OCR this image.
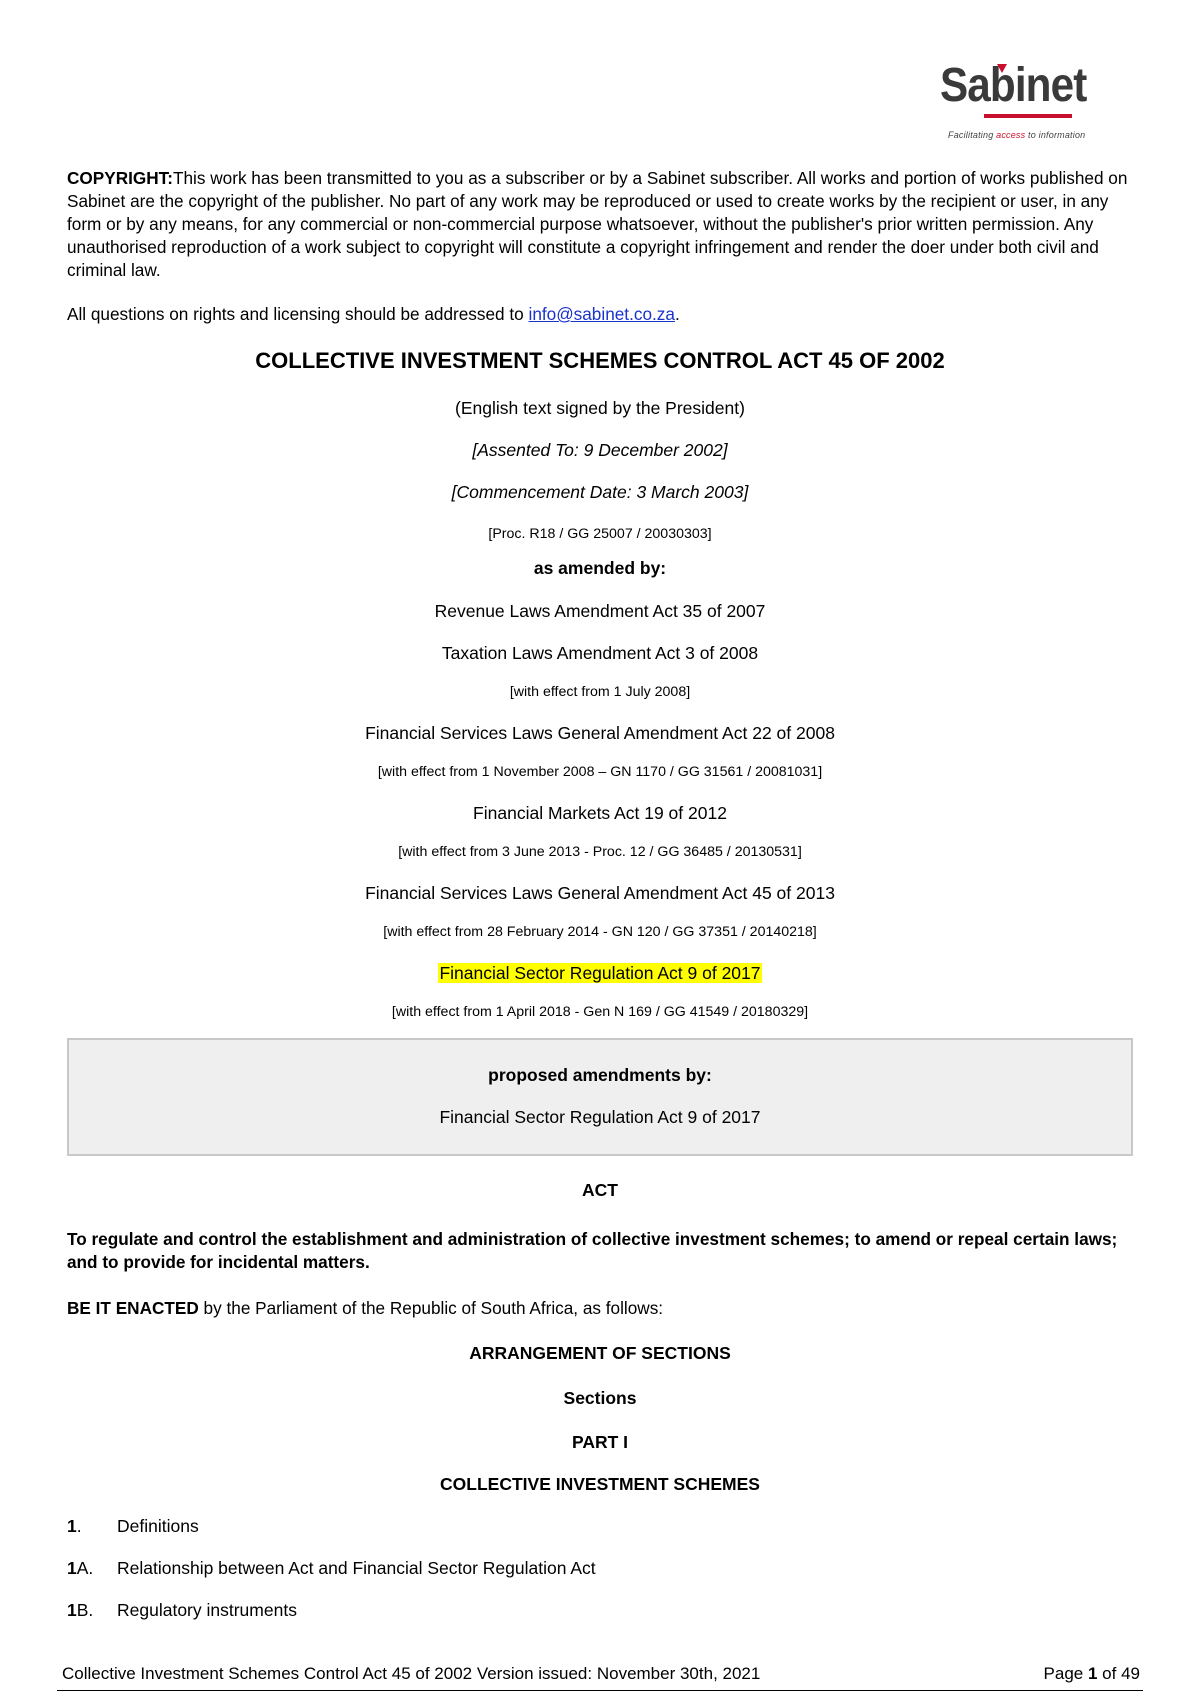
Sabinet
Facilitating access to information
COPYRIGHT:This work has been transmitted to you as a subscriber or by a Sabinet subscriber. All works and portion of works published on Sabinet are the copyright of the publisher. No part of any work may be reproduced or used to create works by the recipient or user, in any form or by any means, for any commercial or non-commercial purpose whatsoever, without the publisher's prior written permission. Any unauthorised reproduction of a work subject to copyright will constitute a copyright infringement and render the doer under both civil and criminal law.
All questions on rights and licensing should be addressed to info@sabinet.co.za.
COLLECTIVE INVESTMENT SCHEMES CONTROL ACT 45 OF 2002
(English text signed by the President)
[Assented To: 9 December 2002]
[Commencement Date: 3 March 2003]
[Proc. R18 / GG 25007 / 20030303]
as amended by:
Revenue Laws Amendment Act 35 of 2007
Taxation Laws Amendment Act 3 of 2008
[with effect from 1 July 2008]
Financial Services Laws General Amendment Act 22 of 2008
[with effect from 1 November 2008 – GN 1170 / GG 31561 / 20081031]
Financial Markets Act 19 of 2012
[with effect from 3 June 2013 - Proc. 12 / GG 36485 / 20130531]
Financial Services Laws General Amendment Act 45 of 2013
[with effect from 28 February 2014 - GN 120 / GG 37351 / 20140218]
Financial Sector Regulation Act 9 of 2017
[with effect from 1 April 2018 - Gen N 169 / GG 41549 / 20180329]
proposed amendments by:
Financial Sector Regulation Act 9 of 2017
ACT
To regulate and control the establishment and administration of collective investment schemes; to amend or repeal certain laws; and to provide for incidental matters.
BE IT ENACTED by the Parliament of the Republic of South Africa, as follows:
ARRANGEMENT OF SECTIONS
Sections
PART I
COLLECTIVE INVESTMENT SCHEMES
1. Definitions
1A. Relationship between Act and Financial Sector Regulation Act
1B. Regulatory instruments
Collective Investment Schemes Control Act 45 of 2002 Version issued: November 30th, 2021	Page 1 of 49
